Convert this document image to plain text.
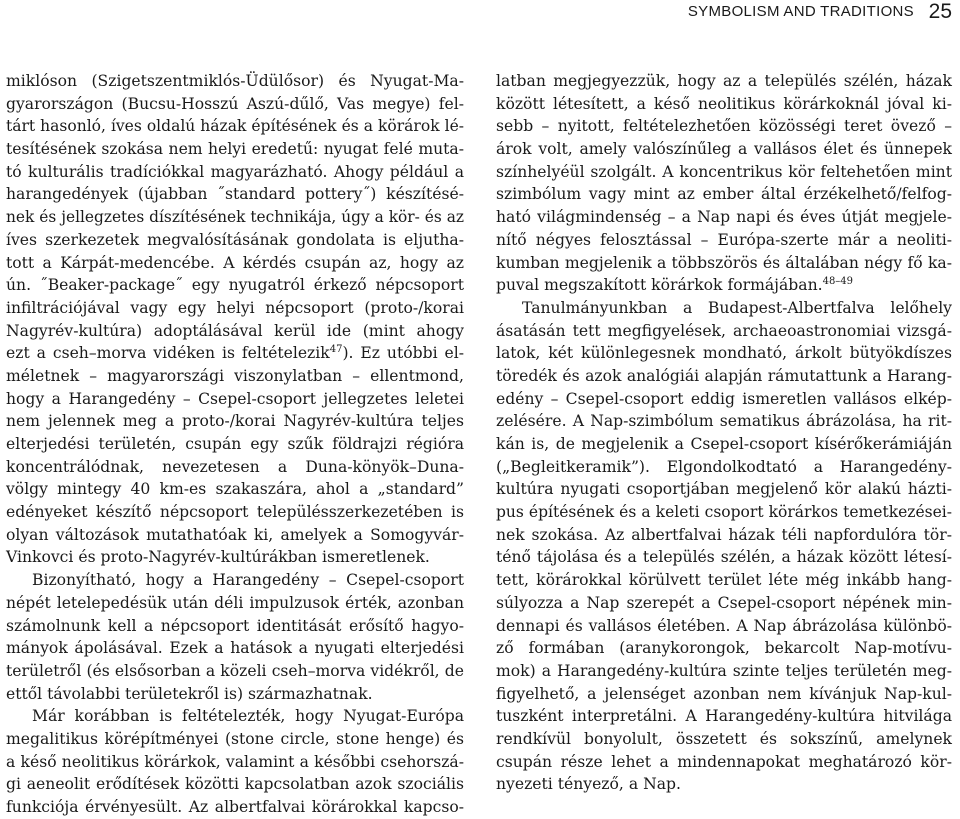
SYMBOLISM AND TRADITIONS 25
miklóson (Szigetszentmiklós-Üdülősor) és Nyugat-Ma-
gyarországon (Bucsu-Hosszú Aszú-dűlő, Vas megye) fel-
tárt hasonló, íves oldalú házak építésének és a körárok lé-
tesítésének szokása nem helyi eredetű: nyugat felé muta-
tó kulturális tradíciókkal magyarázható. Ahogy például a
harangedények (újabban ˝standard pottery˝) készítésé-
nek és jellegzetes díszítésének technikája, úgy a kör- és az
íves szerkezetek megvalósításának gondolata is eljutha-
tott a Kárpát-medencébe. A kérdés csupán az, hogy az
ún. ˝Beaker-package˝ egy nyugatról érkező népcsoport
infiltrációjával vagy egy helyi népcsoport (proto-/korai
Nagyrév-kultúra) adoptálásával kerül ide (mint ahogy
ezt a cseh–morva vidéken is feltételezik$^{47}$). Ez utóbbi el-
méletnek – magyarországi viszonylatban – ellentmond,
hogy a Harangedény – Csepel-csoport jellegzetes leletei
nem jelennek meg a proto-/korai Nagyrév-kultúra teljes
elterjedési területén, csupán egy szűk földrajzi régióra
koncentrálódnak, nevezetesen a Duna-könyök–Duna-
völgy mintegy 40 km-es szakaszára, ahol a „standard”
edényeket készítő népcsoport településszerkezetében is
olyan változások mutathatóak ki, amelyek a Somogyvár-
Vinkovci és proto-Nagyrév-kultúrákban ismeretlenek.
Bizonyítható, hogy a Harangedény – Csepel-csoport
népét letelepedésük után déli impulzusok érték, azonban
számolnunk kell a népcsoport identitását erősítő hagyo-
mányok ápolásával. Ezek a hatások a nyugati elterjedési
területről (és elsősorban a közeli cseh–morva vidékről, de
ettől távolabbi területekről is) származhatnak.
Már korábban is feltételezték, hogy Nyugat-Európa
megalitikus körépítményei (stone circle, stone henge) és
a késő neolitikus körárkok, valamint a későbbi csehorszá-
gi aeneolit erődítések közötti kapcsolatban azok szociális
funkciója érvényesült. Az albertfalvai körárokkal kapcso-
latban megjegyezzük, hogy az a település szélén, házak
között létesített, a késő neolitikus körárkoknál jóval ki-
sebb – nyitott, feltételezhetően közösségi teret övező –
árok volt, amely valószínűleg a vallásos élet és ünnepek
színhelyéül szolgált. A koncentrikus kör feltehetően mint
szimbólum vagy mint az ember által érzékelhető/felfog-
ható világmindenség – a Nap napi és éves útját megjele-
nítő négyes felosztással – Európa-szerte már a neoliti-
kumban megjelenik a többszörös és általában négy fő ka-
puval megszakított körárkok formájában.$^{48-49}$
Tanulmányunkban a Budapest-Albertfalva lelőhely
ásatásán tett megfigyelések, archaeoastronomiai vizsgá-
latok, két különlegesnek mondható, árkolt bütyökdíszes
töredék és azok analógiái alapján rámutattunk a Harang-
edény – Csepel-csoport eddig ismeretlen vallásos elkép-
zelésére. A Nap-szimbólum sematikus ábrázolása, ha rit-
kán is, de megjelenik a Csepel-csoport kísérőkerámiáján
(„Begleitkeramik”). Elgondolkodtató a Harangedény-
kultúra nyugati csoportjában megjelenő kör alakú házti-
pus építésének és a keleti csoport körárkos temetkezései-
nek szokása. Az albertfalvai házak téli napfordulóra tör-
ténő tájolása és a település szélén, a házak között létesí-
tett, körárokkal körülvett terület léte még inkább hang-
súlyozza a Nap szerepét a Csepel-csoport népének min-
dennapi és vallásos életében. A Nap ábrázolása különbö-
ző formában (aranykorongok, bekarcolt Nap-motívu-
mok) a Harangedény-kultúra szinte teljes területén meg-
figyelhető, a jelenséget azonban nem kívánjuk Nap-kul-
tuszként interpretálni. A Harangedény-kultúra hitvilága
rendkívül bonyolult, összetett és sokszínű, amelynek
csupán része lehet a mindennapokat meghatározó kör-
nyezeti tényező, a Nap.
